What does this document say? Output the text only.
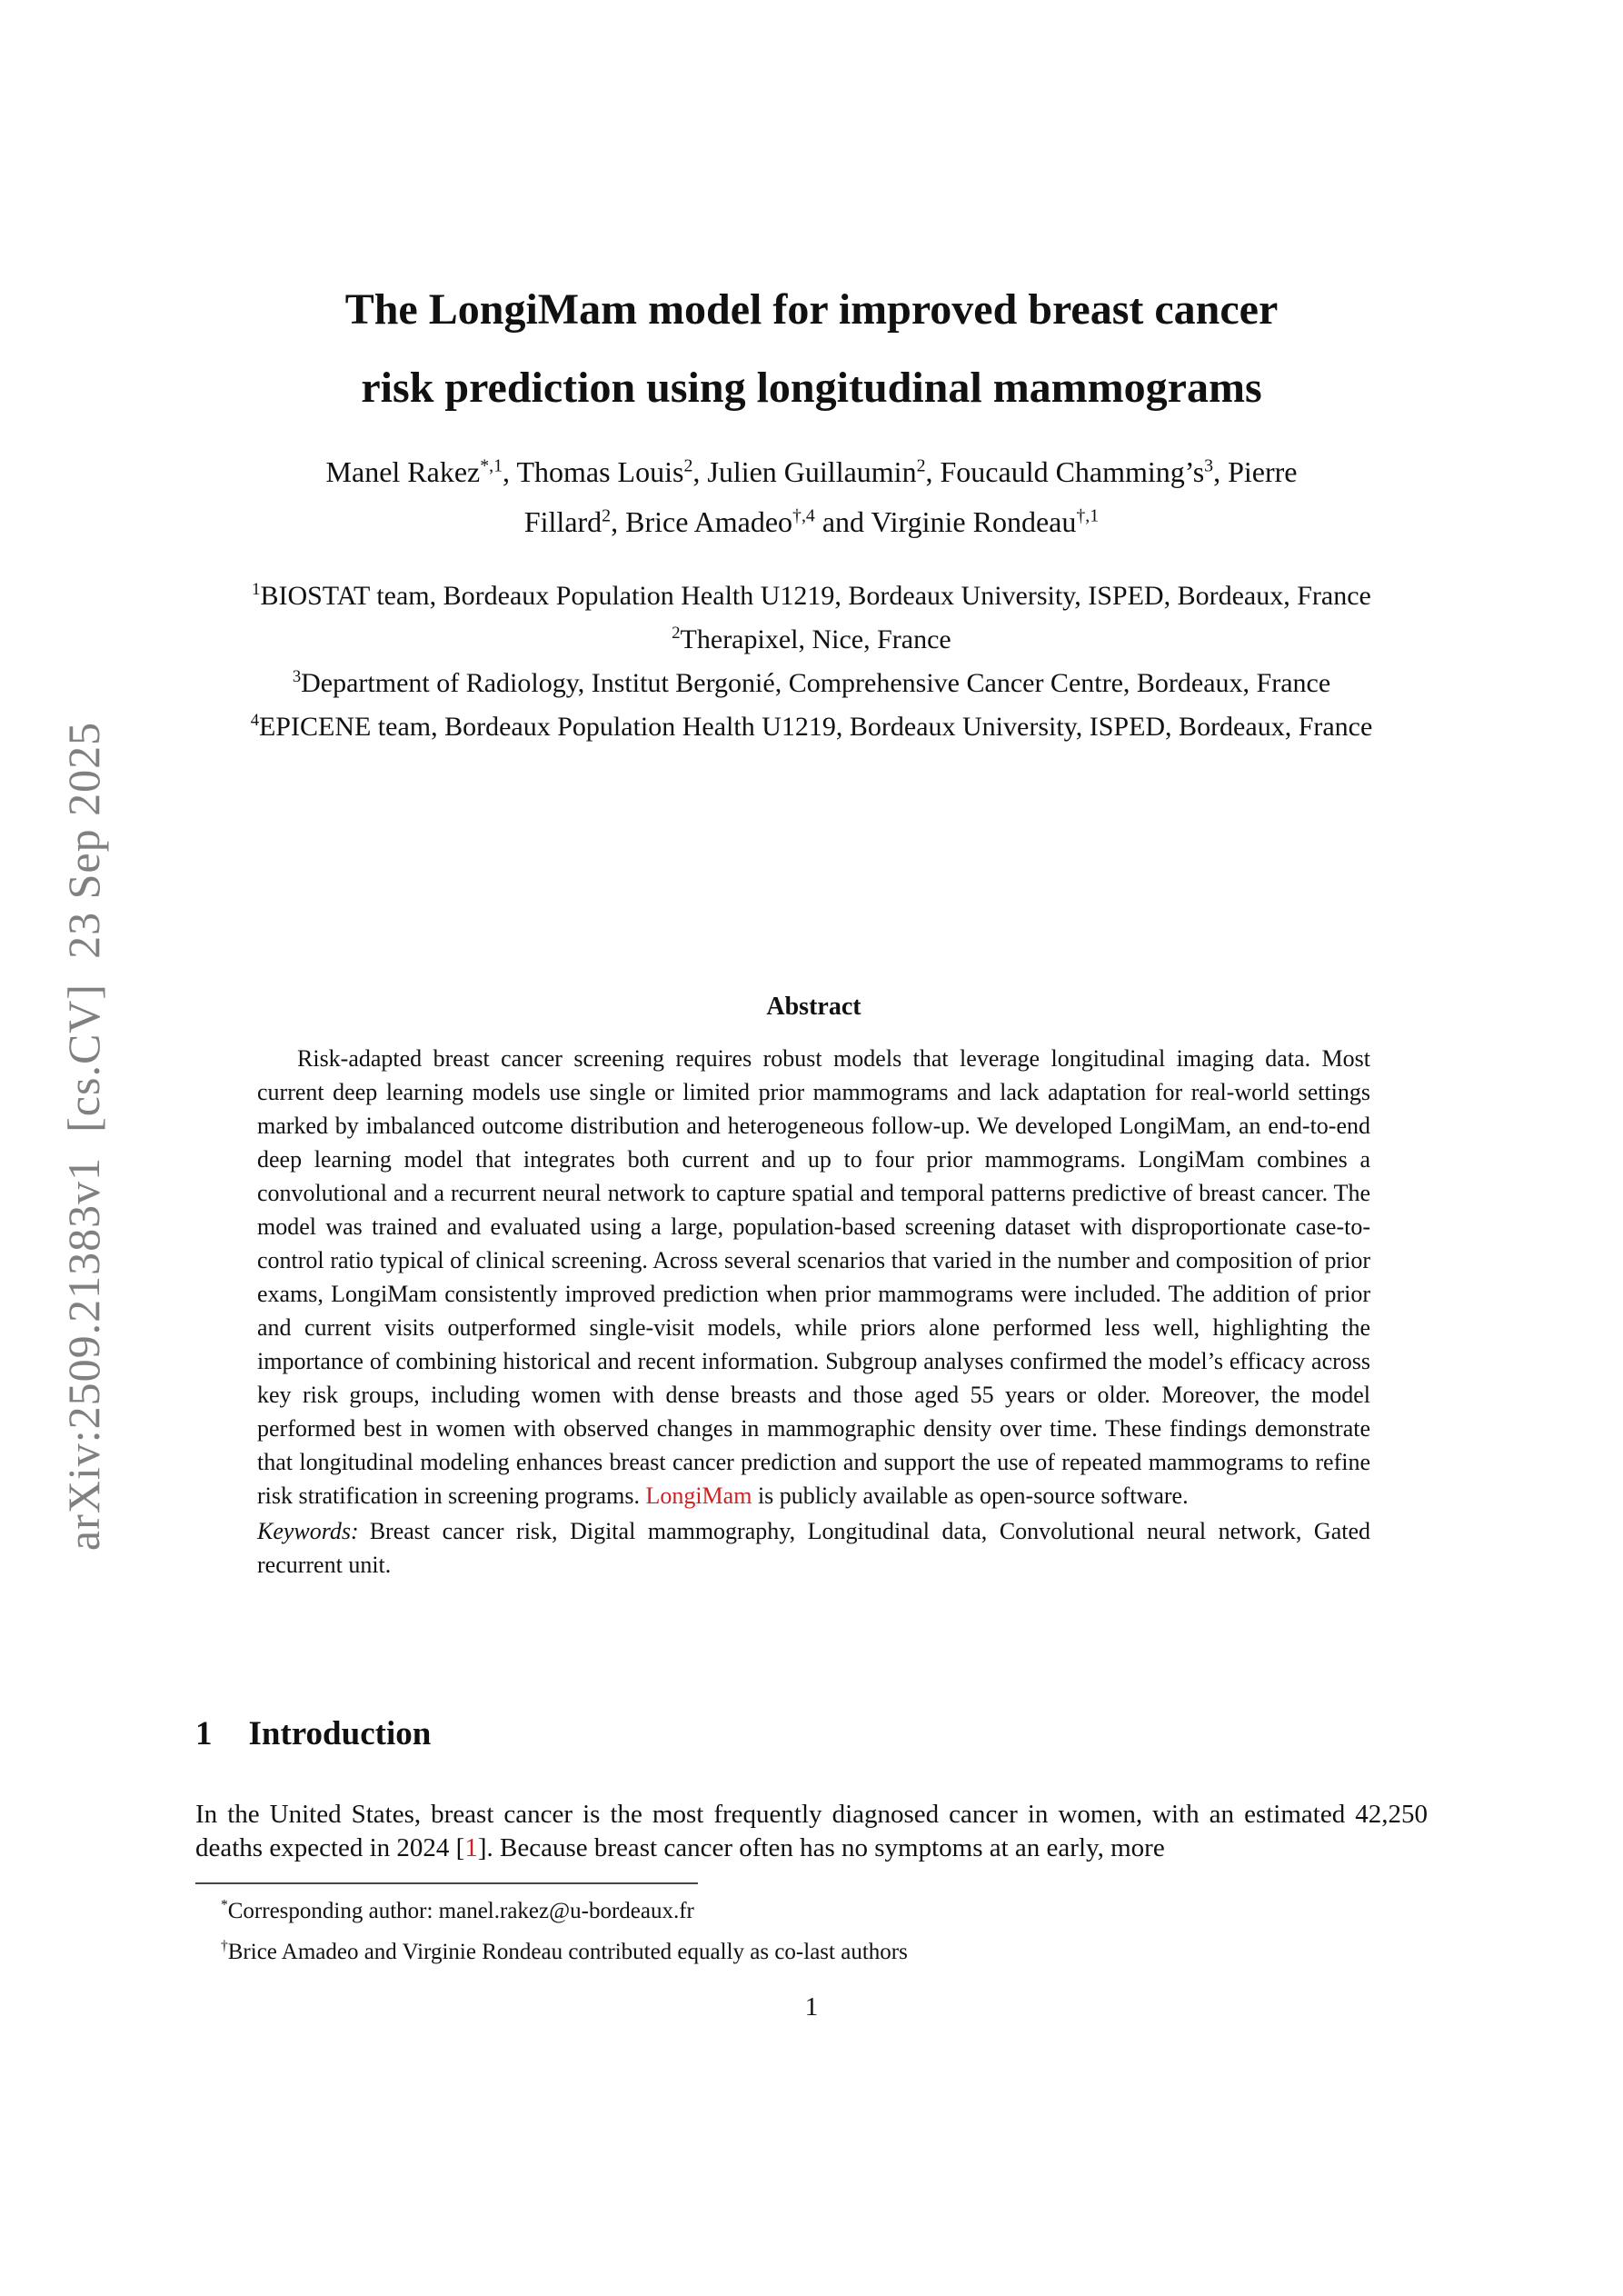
arXiv:2509.21383v1  [cs.CV]  23 Sep 2025
The LongiMam model for improved breast cancer
risk prediction using longitudinal mammograms
Manel Rakez$^{*,1}$, Thomas Louis$^2$, Julien Guillaumin$^2$, Foucauld $Chamming’s^3$, Pierre
Fillard$^2$, Brice Amadeo$^{\dagger,4}$ and Virginie Rondeau$^{\dagger,1}$
$^1$BIOSTAT team, Bordeaux Population Health U1219, Bordeaux University, ISPED, Bordeaux, France
$^2$Therapixel, Nice, France
$^3$Department of Radiology, Institut Bergonié, Comprehensive Cancer Centre, Bordeaux, France
$^4$EPICENE team, Bordeaux Population Health U1219, Bordeaux University, ISPED, Bordeaux, France
Abstract

Risk-adapted breast cancer screening requires robust models that leverage longitudinal imaging data. Most current deep learning models use single or limited prior mammograms and lack adaptation for real-world settings marked by imbalanced outcome distribution and heterogeneous follow-up. We developed LongiMam, an end-to-end deep learning model that integrates both current and up to four prior mammograms. LongiMam combines a convolutional and a recurrent neural network to capture spatial and temporal patterns predictive of breast cancer. The model was trained and evaluated using a large, population-based screening dataset with disproportionate case-to-control ratio typical of clinical screening. Across several scenarios that varied in the number and composition of prior exams, LongiMam consistently improved prediction when prior mammograms were included. The addition of prior and current visits outperformed single-visit models, while priors alone performed less well, highlighting the importance of combining historical and recent information. Subgroup analyses confirmed the model’s efficacy across key risk groups, including women with dense breasts and those aged 55 years or older. Moreover, the model performed best in women with observed changes in mammographic density over time. These findings demonstrate that longitudinal modeling enhances breast cancer prediction and support the use of repeated mammograms to refine risk stratification in screening programs. LongiMam is publicly available as open-source software.

Keywords: Breast cancer risk, Digital mammography, Longitudinal data, Convolutional neural network, Gated recurrent unit.

1 Introduction

In the United States, breast cancer is the most frequently diagnosed cancer in women, with an estimated 42,250 deaths expected in 2024 [1]. Because breast cancer often has no symptoms at an early, more

*Corresponding author: manel.rakez@u-bordeaux.fr

†Brice Amadeo and Virginie Rondeau contributed equally as co-last authors

1
